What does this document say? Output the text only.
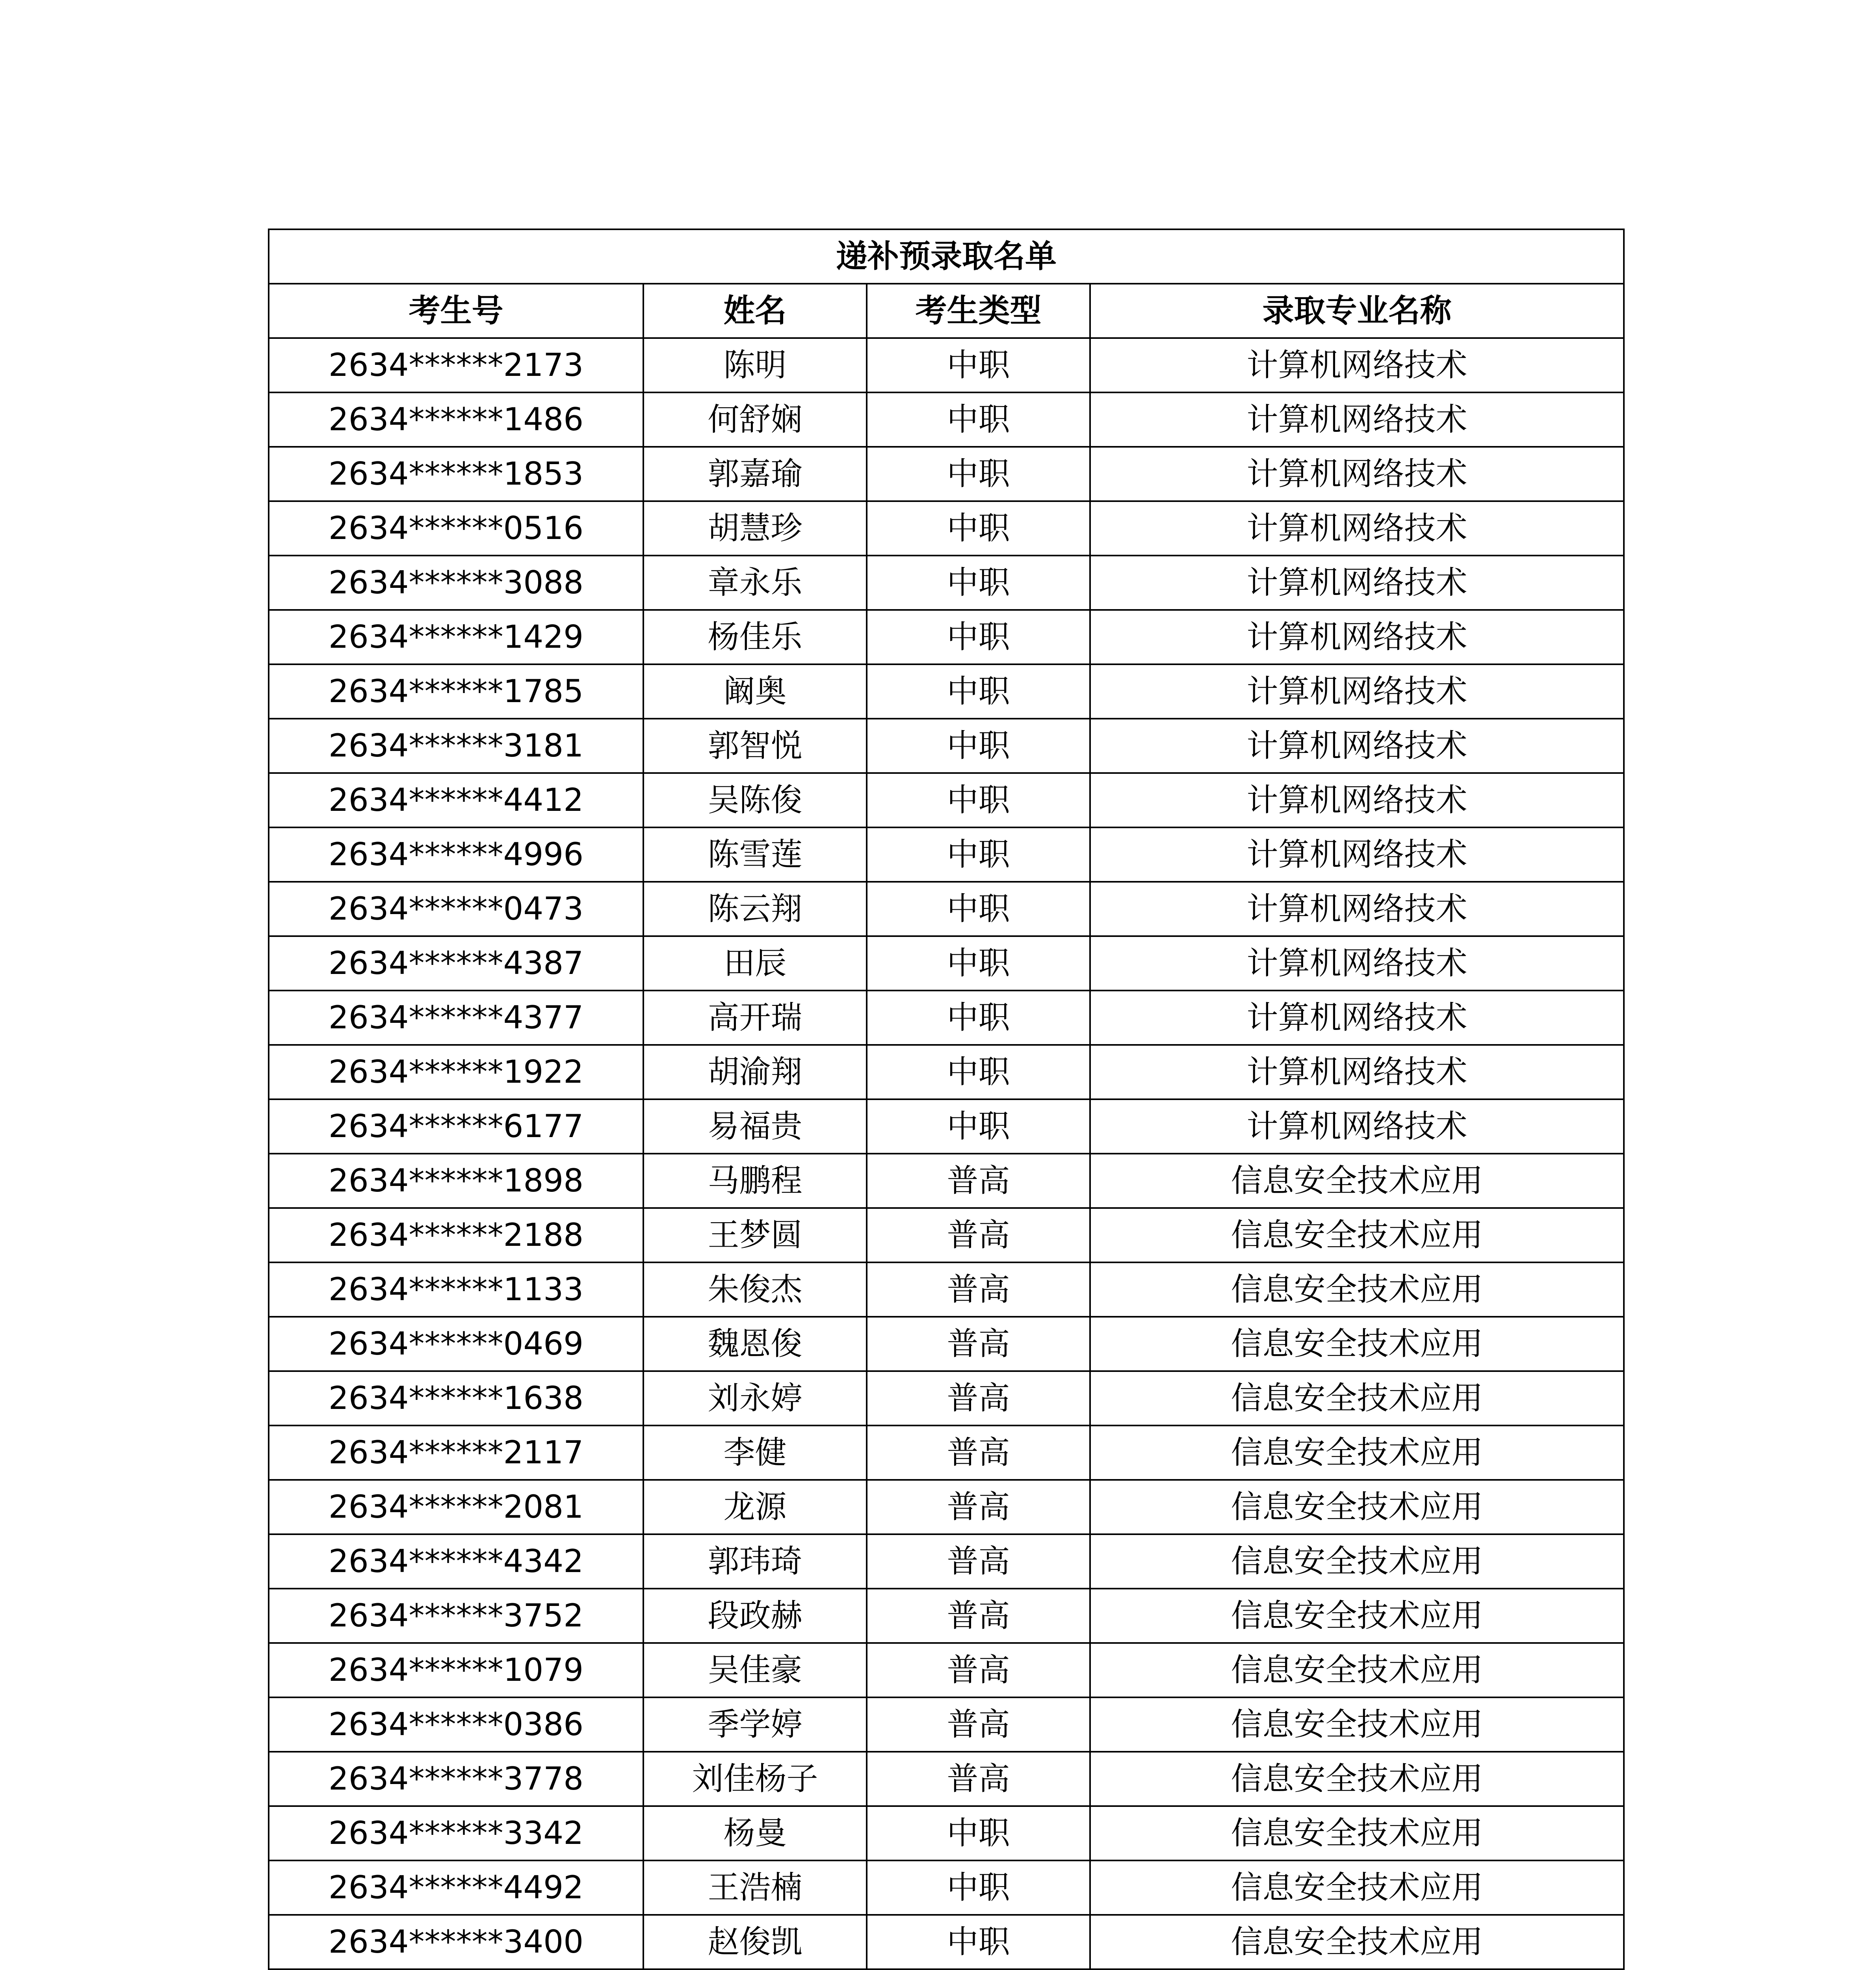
递补预录取名单			
考生号	姓名	考生类型	录取专业名称
2634******2173	陈明	中职	计算机网络技术
2634******1486	何舒娴	中职	计算机网络技术
2634******1853	郭嘉瑜	中职	计算机网络技术
2634******0516	胡慧珍	中职	计算机网络技术
2634******3088	章永乐	中职	计算机网络技术
2634******1429	杨佳乐	中职	计算机网络技术
2634******1785	阚奥	中职	计算机网络技术
2634******3181	郭智悦	中职	计算机网络技术
2634******4412	吴陈俊	中职	计算机网络技术
2634******4996	陈雪莲	中职	计算机网络技术
2634******0473	陈云翔	中职	计算机网络技术
2634******4387	田辰	中职	计算机网络技术
2634******4377	高开瑞	中职	计算机网络技术
2634******1922	胡渝翔	中职	计算机网络技术
2634******6177	易福贵	中职	计算机网络技术
2634******1898	马鹏程	普高	信息安全技术应用
2634******2188	王梦圆	普高	信息安全技术应用
2634******1133	朱俊杰	普高	信息安全技术应用
2634******0469	魏恩俊	普高	信息安全技术应用
2634******1638	刘永婷	普高	信息安全技术应用
2634******2117	李健	普高	信息安全技术应用
2634******2081	龙源	普高	信息安全技术应用
2634******4342	郭玮琦	普高	信息安全技术应用
2634******3752	段政赫	普高	信息安全技术应用
2634******1079	吴佳豪	普高	信息安全技术应用
2634******0386	季学婷	普高	信息安全技术应用
2634******3778	刘佳杨子	普高	信息安全技术应用
2634******3342	杨曼	中职	信息安全技术应用
2634******4492	王浩楠	中职	信息安全技术应用
2634******3400	赵俊凯	中职	信息安全技术应用
